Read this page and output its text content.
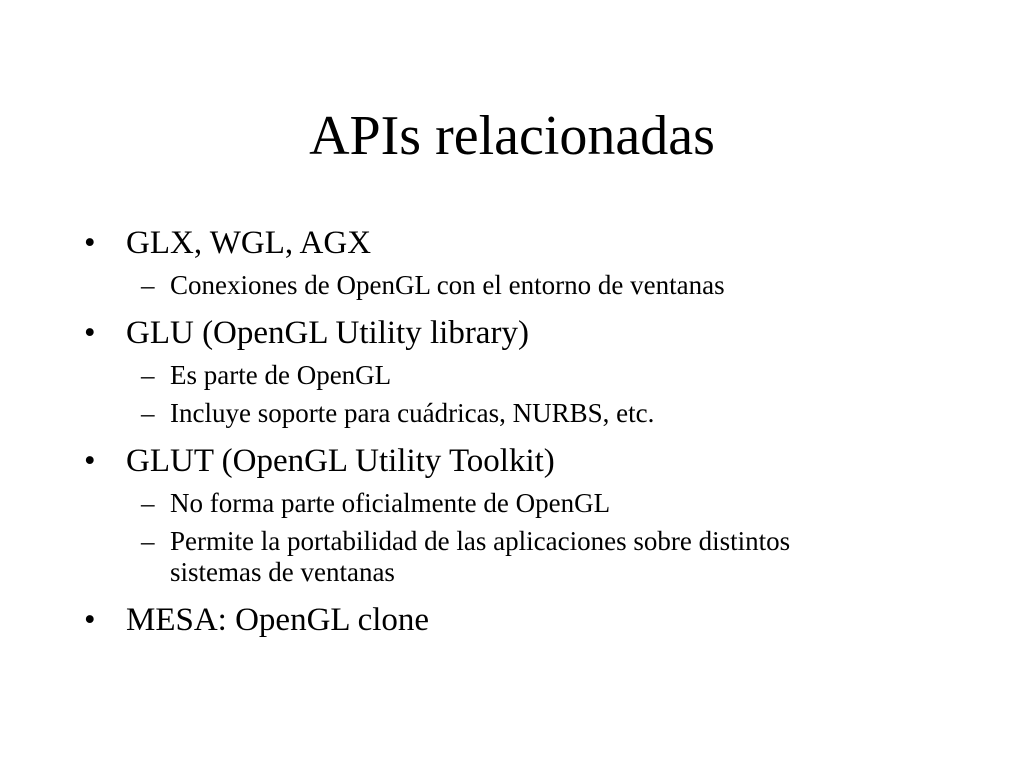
APIs relacionadas
• GLX, WGL, AGX
– Conexiones de OpenGL con el entorno de ventanas
• GLU (OpenGL Utility library)
– Es parte de OpenGL
– Incluye soporte para cuádricas, NURBS, etc.
• GLUT (OpenGL Utility Toolkit)
– No forma parte oficialmente de OpenGL
– Permite la portabilidad de las aplicaciones sobre distintos sistemas de ventanas
• MESA: OpenGL clone
